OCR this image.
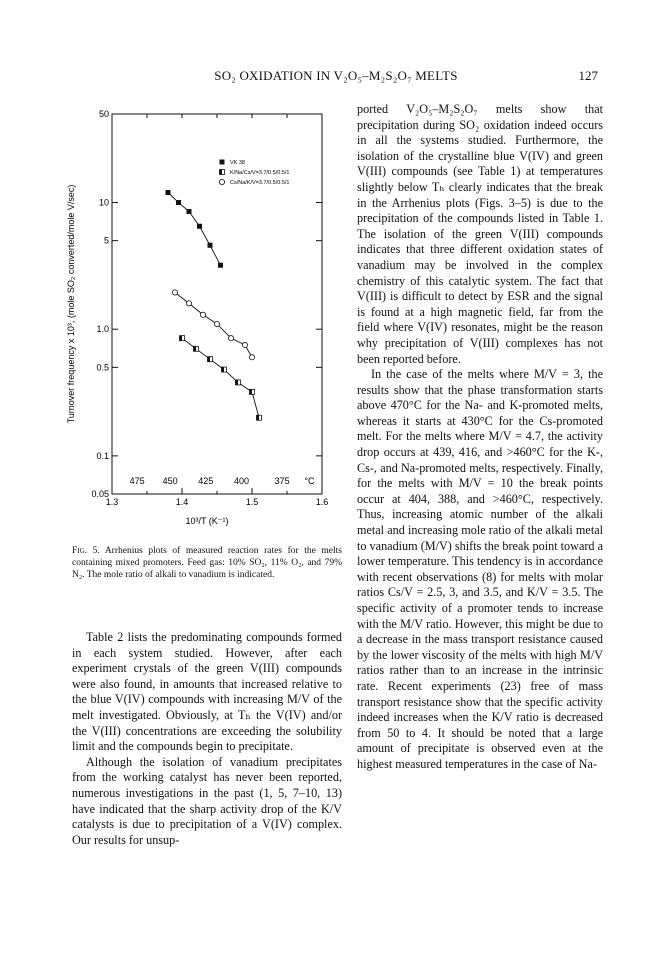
SO₂ OXIDATION IN V₂O₅–M₂S₂O₇ MELTS	127
0.05
0.1
0.5
1.0
5
10
50
1.3	1.4	1.5	1.6
475 450 425 400	375 °C
10³/T (K⁻¹)
Turnover frequency x 10³, (mole SO₂ converted/mole V/sec)
VK 38
K/Na/Cs/V=3.7/0.5/0.5/1
Cs/Na/K/V=3.7/0.5/0.5/1
Fig. 5. Arrhenius plots of measured reaction rates for the melts containing mixed promoters. Feed gas: 10% SO₂, 11% O₂, and 79% N₂. The mole ratio of alkali to vanadium is indicated.

Table 2 lists the predominating compounds formed in each system studied. However, after each experiment crystals of the green V(III) compounds were also found, in amounts that increased relative to the blue V(IV) compounds with increasing M/V of the melt investigated. Obviously, at Tₕ the V(IV) and/or the V(III) concentrations are exceeding the solubility limit and the compounds begin to precipitate.

Although the isolation of vanadium precipitates from the working catalyst has never been reported, numerous investigations in the past (1, 5, 7–10, 13) have indicated that the sharp activity drop of the K/V catalysts is due to precipitation of a V(IV) complex. Our results for unsup-

ported V₂O₅–M₂S₂O₇ melts show that precipitation during SO₂ oxidation indeed occurs in all the systems studied. Furthermore, the isolation of the crystalline blue V(IV) and green V(III) compounds (see Table 1) at temperatures slightly below Tₕ clearly indicates that the break in the Arrhenius plots (Figs. 3–5) is due to the precipitation of the compounds listed in Table 1. The isolation of the green V(III) compounds indicates that three different oxidation states of vanadium may be involved in the complex chemistry of this catalytic system. The fact that V(III) is difficult to detect by ESR and the signal is found at a high magnetic field, far from the field where V(IV) resonates, might be the reason why precipitation of V(III) complexes has not been reported before.

In the case of the melts where M/V = 3, the results show that the phase transformation starts above 470°C for the Na- and K-promoted melts, whereas it starts at 430°C for the Cs-promoted melt. For the melts where M/V = 4.7, the activity drop occurs at 439, 416, and >460°C for the K-, Cs-, and Na-promoted melts, respectively. Finally, for the melts with M/V = 10 the break points occur at 404, 388, and >460°C, respectively. Thus, increasing atomic number of the alkali metal and increasing mole ratio of the alkali metal to vanadium (M/V) shifts the break point toward a lower temperature. This tendency is in accordance with recent observations (8) for melts with molar ratios Cs/V = 2.5, 3, and 3.5, and K/V = 3.5. The specific activity of a promoter tends to increase with the M/V ratio. However, this might be due to a decrease in the mass transport resistance caused by the lower viscosity of the melts with high M/V ratios rather than to an increase in the intrinsic rate. Recent experiments (23) free of mass transport resistance show that the specific activity indeed increases when the K/V ratio is decreased from 50 to 4. It should be noted that a large amount of precipitate is observed even at the highest measured temperatures in the case of Na-
